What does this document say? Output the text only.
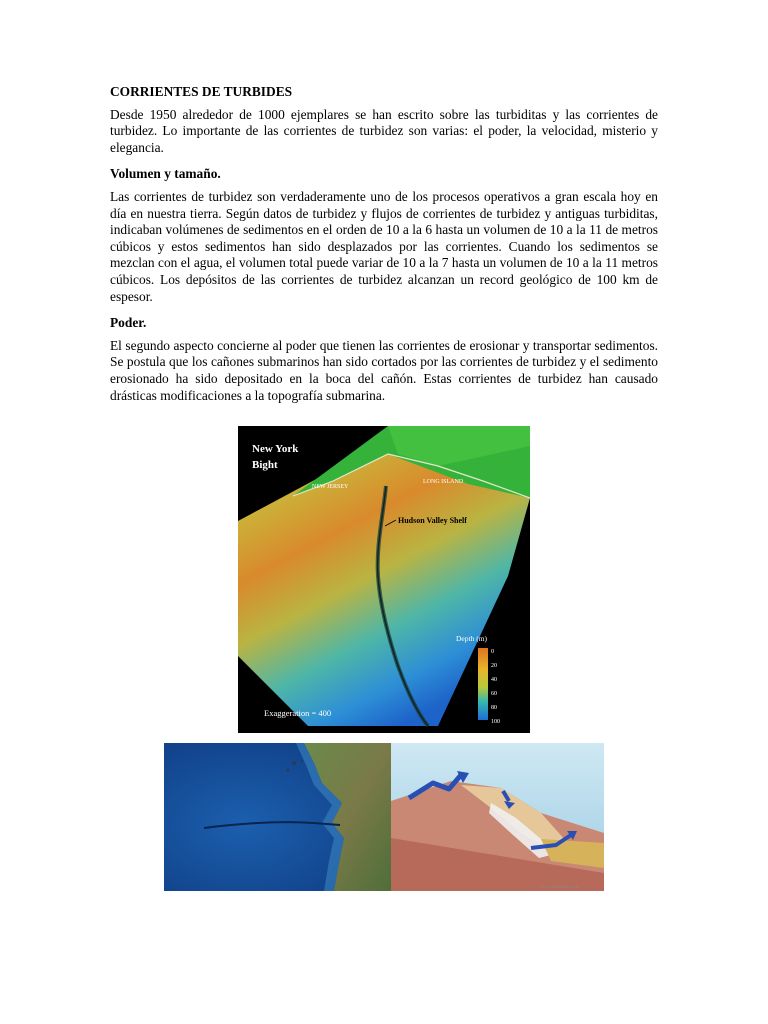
CORRIENTES DE TURBIDES

Desde 1950 alrededor de 1000 ejemplares se han escrito sobre las turbiditas y las corrientes de turbidez. Lo importante de las corrientes de turbidez son varias: el poder, la velocidad, misterio y elegancia.

Volumen y tamaño.

Las corrientes de turbidez son verdaderamente uno de los procesos operativos a gran escala hoy en día en nuestra tierra. Según datos de turbidez y flujos de corrientes de turbidez y antiguas turbiditas, indicaban volúmenes de sedimentos en el orden de 10 a la 6 hasta un volumen de 10 a la 11 de metros cúbicos y estos sedimentos han sido desplazados por las corrientes. Cuando los sedimentos se mezclan con el agua, el volumen total puede variar de 10 a la 7 hasta un volumen de 10 a la 11 metros cúbicos. Los depósitos de las corrientes de turbidez alcanzan un record geológico de 100 km de espesor.

Poder.

El segundo aspecto concierne al poder que tienen las corrientes de erosionar y transportar sedimentos. Se postula que los cañones submarinos han sido cortados por las corrientes de turbidez y el sedimento erosionado ha sido depositado en la boca del cañón. Estas corrientes de turbidez han causado drásticas modificaciones a la topografía submarina.

New York
Bight
NEW JERSEY
LONG ISLAND
Hudson Valley Shelf
Depth (m)
0
20
40
60
80
100
Exaggeration = 400
www.tudosobre.com
